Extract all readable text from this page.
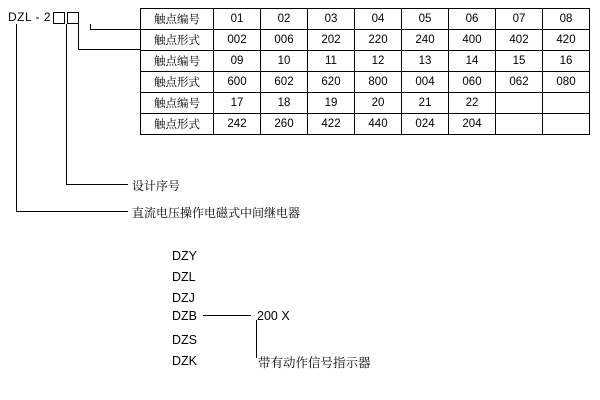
DZL - 2
设计序号
直流电压操作电磁式中间继电器
触点编号	01	02	03	04	05	06	07	08
触点形式	002	006	202	220	240	400	402	420
触点编号	09	10	11	12	13	14	15	16
触点形式	600	602	620	800	004	060	062	080
触点编号	17	18	19	20	21	22		
触点形式	242	260	422	440	024	204		
DZY
DZL
DZJ

DZS
DZK
DZB	200 X
带有动作信号指示器
